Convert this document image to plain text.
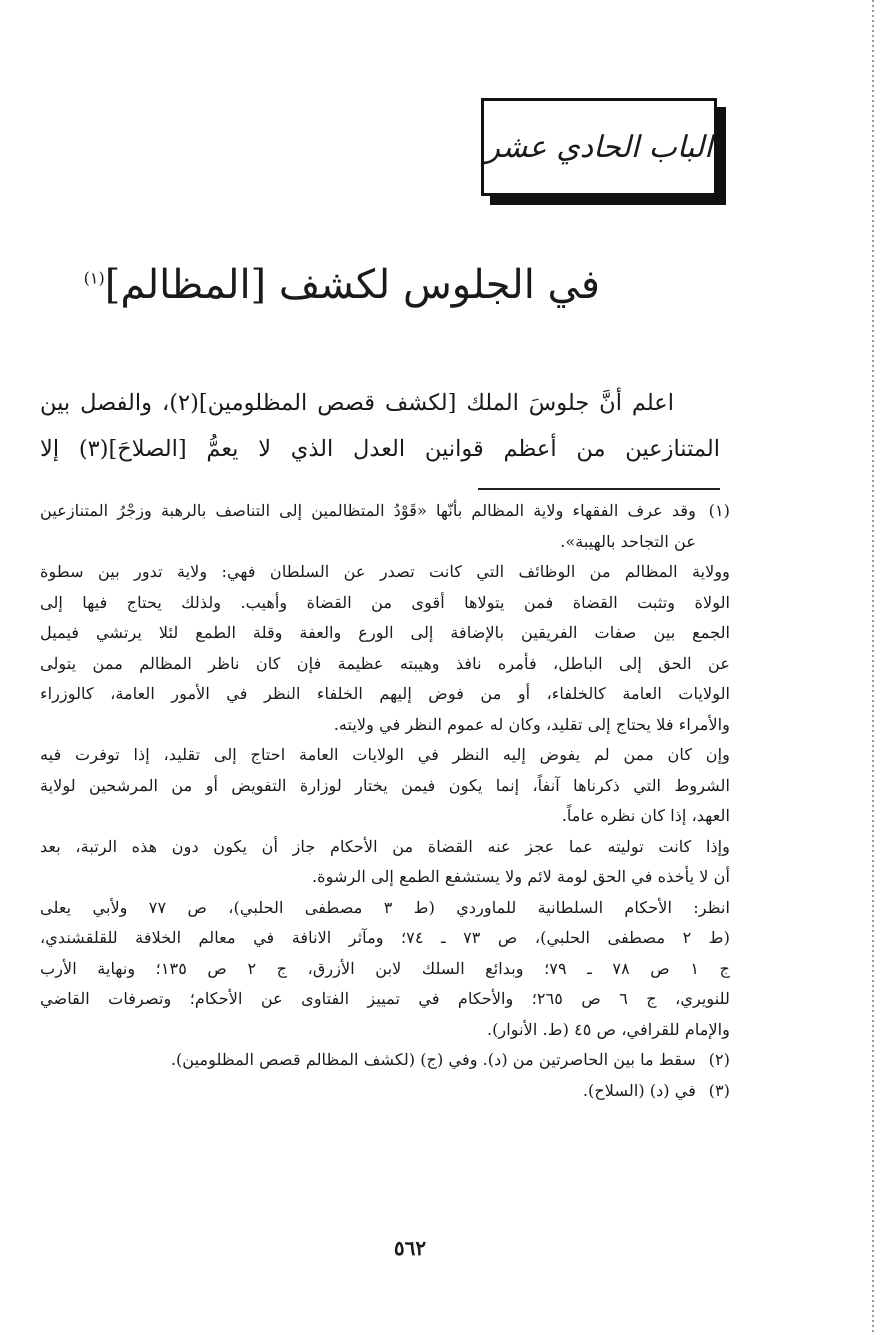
الباب الحادي عشر
في الجلوس لكشف [المظالم]$^{(١)}$
اعلم أنَّ جلوسَ الملك [لكشف قصص المظلومين](٢)، والفصل بين
المتنازعين من أعظم قوانين العدل الذي لا يعمُّ [الصلاحَ](٣) إلا
(١)وقد عرف الفقهاء ولاية المظالم بأنّها «قَوْدُ المتظالمين إلى التناصف بالرهبة وزجْرُ المتنازعين
عن التجاحد بالهيبة».
وولاية المظالم من الوظائف التي كانت تصدر عن السلطان فهي: ولاية تدور بين سطوة
الولاة وتثبت القضاة فمن يتولاها أقوى من القضاة وأهيب. ولذلك يحتاج فيها إلى
الجمع بين صفات الفريقين بالإضافة إلى الورع والعفة وقلة الطمع لئلا يرتشي فيميل
عن الحق إلى الباطل، فأمره نافذ وهيبته عظيمة فإن كان ناظر المظالم ممن يتولى
الولايات العامة كالخلفاء، أو من فوض إليهم الخلفاء النظر في الأمور العامة، كالوزراء
والأمراء فلا يحتاج إلى تقليد، وكان له عموم النظر في ولايته.
وإن كان ممن لم يفوض إليه النظر في الولايات العامة احتاج إلى تقليد، إذا توفرت فيه
الشروط التي ذكرناها آنفاً، إنما يكون فيمن يختار لوزارة التفويض أو من المرشحين لولاية
العهد، إذا كان نظره عاماً.
وإذا كانت توليته عما عجز عنه القضاة من الأحكام جاز أن يكون دون هذه الرتبة، بعد
أن لا يأخذه في الحق لومة لائم ولا يستشفع الطمع إلى الرشوة.
انظر: الأحكام السلطانية للماوردي (ط ٣ مصطفى الحلبي)، ص ٧٧ ولأبي يعلى
(ط ٢ مصطفى الحلبي)، ص ٧٣ ـ ٧٤؛ ومآثر الانافة في معالم الخلافة للقلقشندي،
ج ١ ص ٧٨ ـ ٧٩؛ وبدائع السلك لابن الأزرق، ج ٢ ص ١٣٥؛ ونهاية الأرب
للنويري، ج ٦ ص ٢٦٥؛ والأحكام في تمييز الفتاوى عن الأحكام؛ وتصرفات القاضي
والإمام للقرافي، ص ٤٥ (ط. الأنوار).
(٢)سقط ما بين الحاصرتين من (د). وفي (ج) (لكشف المظالم قصص المظلومين).
(٣)في (د) (السلاح).
٥٦٢
